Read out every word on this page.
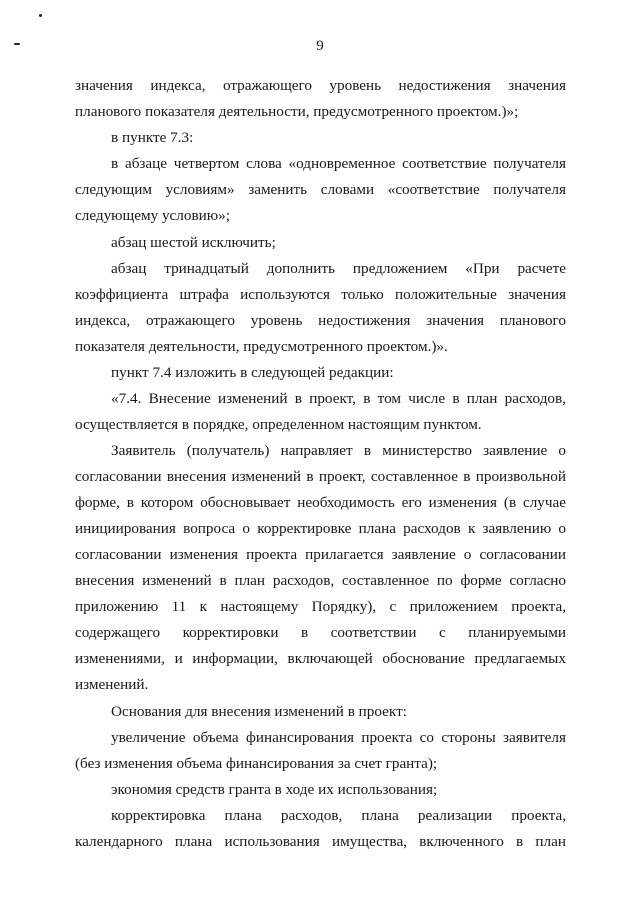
9
значения индекса, отражающего уровень недостижения значения
планового показателя деятельности, предусмотренного проектом.)»;
в пункте 7.3:
в абзаце четвертом слова «одновременное соответствие получателя
следующим условиям» заменить словами «соответствие получателя
следующему условию»;
абзац шестой исключить;
абзац тринадцатый дополнить предложением «При расчете
коэффициента штрафа используются только положительные значения
индекса, отражающего уровень недостижения значения планового
показателя деятельности, предусмотренного проектом.)».
пункт 7.4 изложить в следующей редакции:
«7.4. Внесение изменений в проект, в том числе в план расходов,
осуществляется в порядке, определенном настоящим пунктом.
Заявитель (получатель) направляет в министерство заявление о
согласовании внесения изменений в проект, составленное в произвольной
форме, в котором обосновывает необходимость его изменения (в случае
инициирования вопроса о корректировке плана расходов к заявлению о
согласовании изменения проекта прилагается заявление о согласовании
внесения изменений в план расходов, составленное по форме согласно
приложению 11 к настоящему Порядку), с приложением проекта,
содержащего корректировки в соответствии с планируемыми
изменениями, и информации, включающей обоснование предлагаемых
изменений.
Основания для внесения изменений в проект:
увеличение объема финансирования проекта со стороны заявителя
(без изменения объема финансирования за счет гранта);
экономия средств гранта в ходе их использования;
корректировка плана расходов, плана реализации проекта,
календарного плана использования имущества, включенного в план
